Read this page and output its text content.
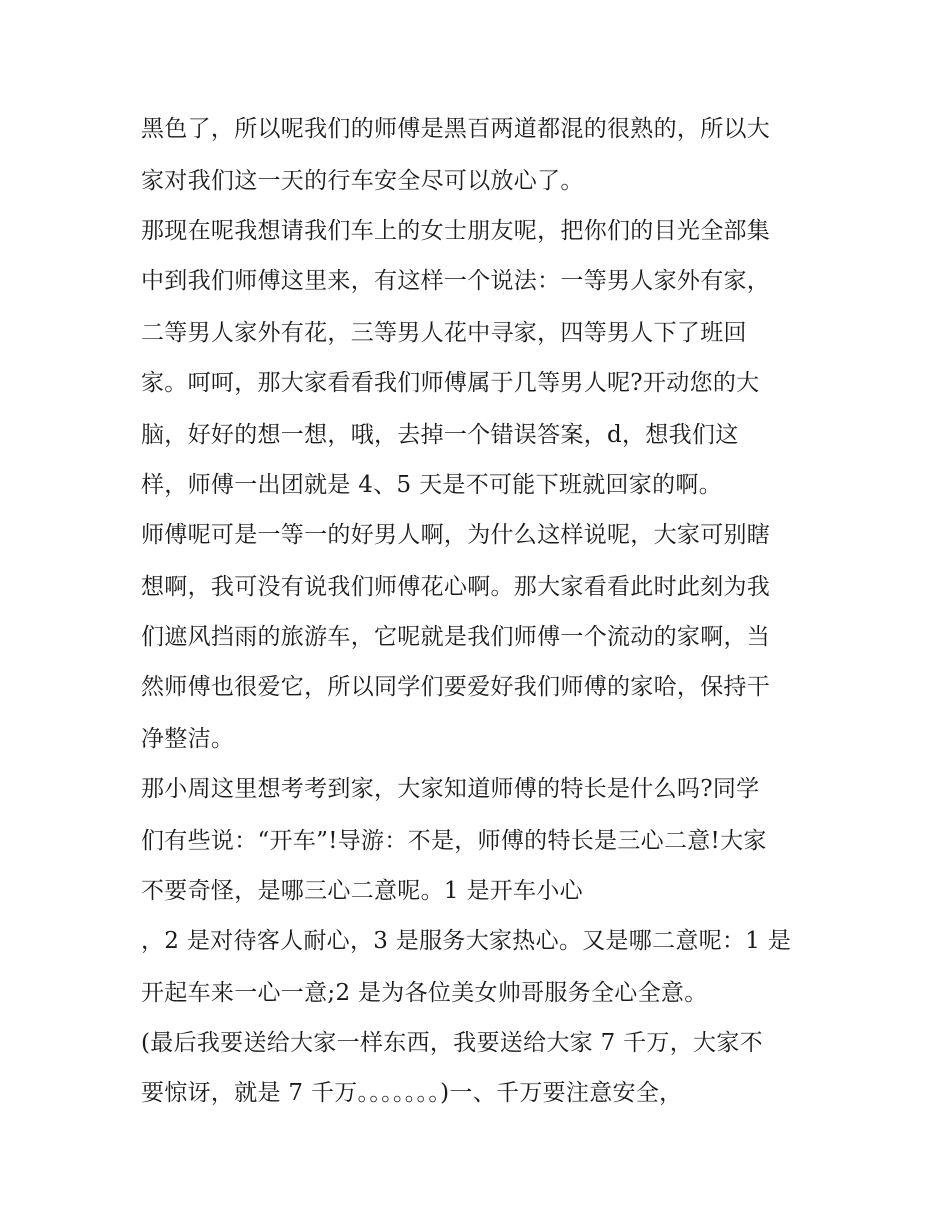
黑色了，所以呢我们的师傅是黑百两道都混的很熟的，所以大
家对我们这一天的行车安全尽可以放心了。
那现在呢我想请我们车上的女士朋友呢，把你们的目光全部集
中到我们师傅这里来，有这样一个说法：一等男人家外有家，
二等男人家外有花，三等男人花中寻家，四等男人下了班回
家。呵呵，那大家看看我们师傅属于几等男人呢?开动您的大
脑，好好的想一想，哦，去掉一个错误答案，d，想我们这
样，师傅一出团就是 4、5 天是不可能下班就回家的啊。
师傅呢可是一等一的好男人啊，为什么这样说呢，大家可别瞎
想啊，我可没有说我们师傅花心啊。那大家看看此时此刻为我
们遮风挡雨的旅游车，它呢就是我们师傅一个流动的家啊，当
然师傅也很爱它，所以同学们要爱好我们师傅的家哈，保持干
净整洁。
那小周这里想考考到家，大家知道师傅的特长是什么吗?同学
们有些说：“开车”!导游：不是，师傅的特长是三心二意!大家
不要奇怪，是哪三心二意呢。1 是开车小心
，2 是对待客人耐心，3 是服务大家热心。又是哪二意呢：1 是
开起车来一心一意;2 是为各位美女帅哥服务全心全意。
(最后我要送给大家一样东西，我要送给大家 7 千万，大家不
要惊讶，就是 7 千万。。。。。。。)一、千万要注意安全，
